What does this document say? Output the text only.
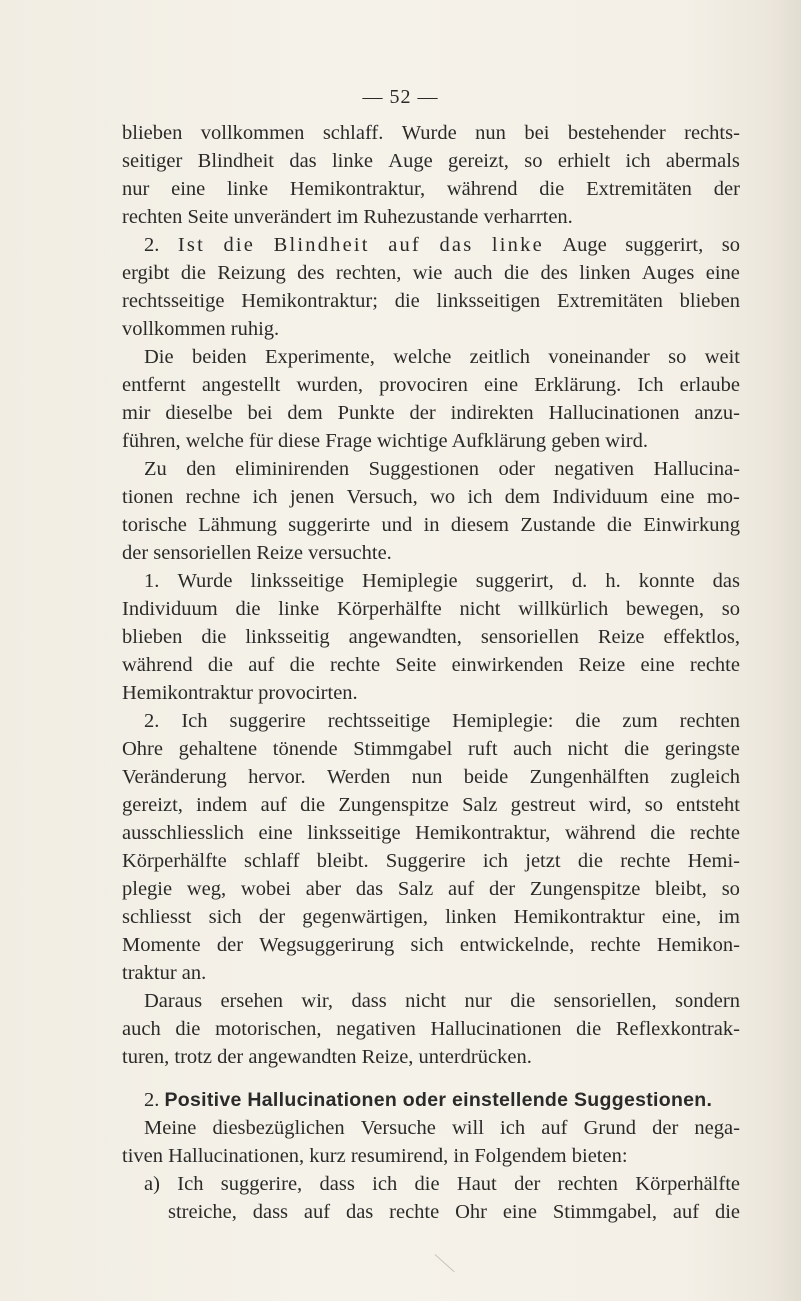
— 52 —
blieben vollkommen schlaff. Wurde nun bei bestehender rechts-
seitiger Blindheit das linke Auge gereizt, so erhielt ich abermals
nur eine linke Hemikontraktur, während die Extremitäten der
rechten Seite unverändert im Ruhezustande verharrten.
2. Ist die Blindheit auf das linke Auge suggerirt, so
ergibt die Reizung des rechten, wie auch die des linken Auges eine
rechtsseitige Hemikontraktur; die linksseitigen Extremitäten blieben
vollkommen ruhig.
Die beiden Experimente, welche zeitlich voneinander so weit
entfernt angestellt wurden, provociren eine Erklärung. Ich erlaube
mir dieselbe bei dem Punkte der indirekten Hallucinationen anzu-
führen, welche für diese Frage wichtige Aufklärung geben wird.
Zu den eliminirenden Suggestionen oder negativen Hallucina-
tionen rechne ich jenen Versuch, wo ich dem Individuum eine mo-
torische Lähmung suggerirte und in diesem Zustande die Einwirkung
der sensoriellen Reize versuchte.
1. Wurde linksseitige Hemiplegie suggerirt, d. h. konnte das
Individuum die linke Körperhälfte nicht willkürlich bewegen, so
blieben die linksseitig angewandten, sensoriellen Reize effektlos,
während die auf die rechte Seite einwirkenden Reize eine rechte
Hemikontraktur provocirten.
2. Ich suggerire rechtsseitige Hemiplegie: die zum rechten
Ohre gehaltene tönende Stimmgabel ruft auch nicht die geringste
Veränderung hervor. Werden nun beide Zungenhälften zugleich
gereizt, indem auf die Zungenspitze Salz gestreut wird, so entsteht
ausschliesslich eine linksseitige Hemikontraktur, während die rechte
Körperhälfte schlaff bleibt. Suggerire ich jetzt die rechte Hemi-
plegie weg, wobei aber das Salz auf der Zungenspitze bleibt, so
schliesst sich der gegenwärtigen, linken Hemikontraktur eine, im
Momente der Wegsuggerirung sich entwickelnde, rechte Hemikon-
traktur an.
Daraus ersehen wir, dass nicht nur die sensoriellen, sondern
auch die motorischen, negativen Hallucinationen die Reflexkontrak-
turen, trotz der angewandten Reize, unterdrücken.
2. Positive Hallucinationen oder einstellende Suggestionen.
Meine diesbezüglichen Versuche will ich auf Grund der nega-
tiven Hallucinationen, kurz resumirend, in Folgendem bieten:
a) Ich suggerire, dass ich die Haut der rechten Körperhälfte
streiche, dass auf das rechte Ohr eine Stimmgabel, auf die
